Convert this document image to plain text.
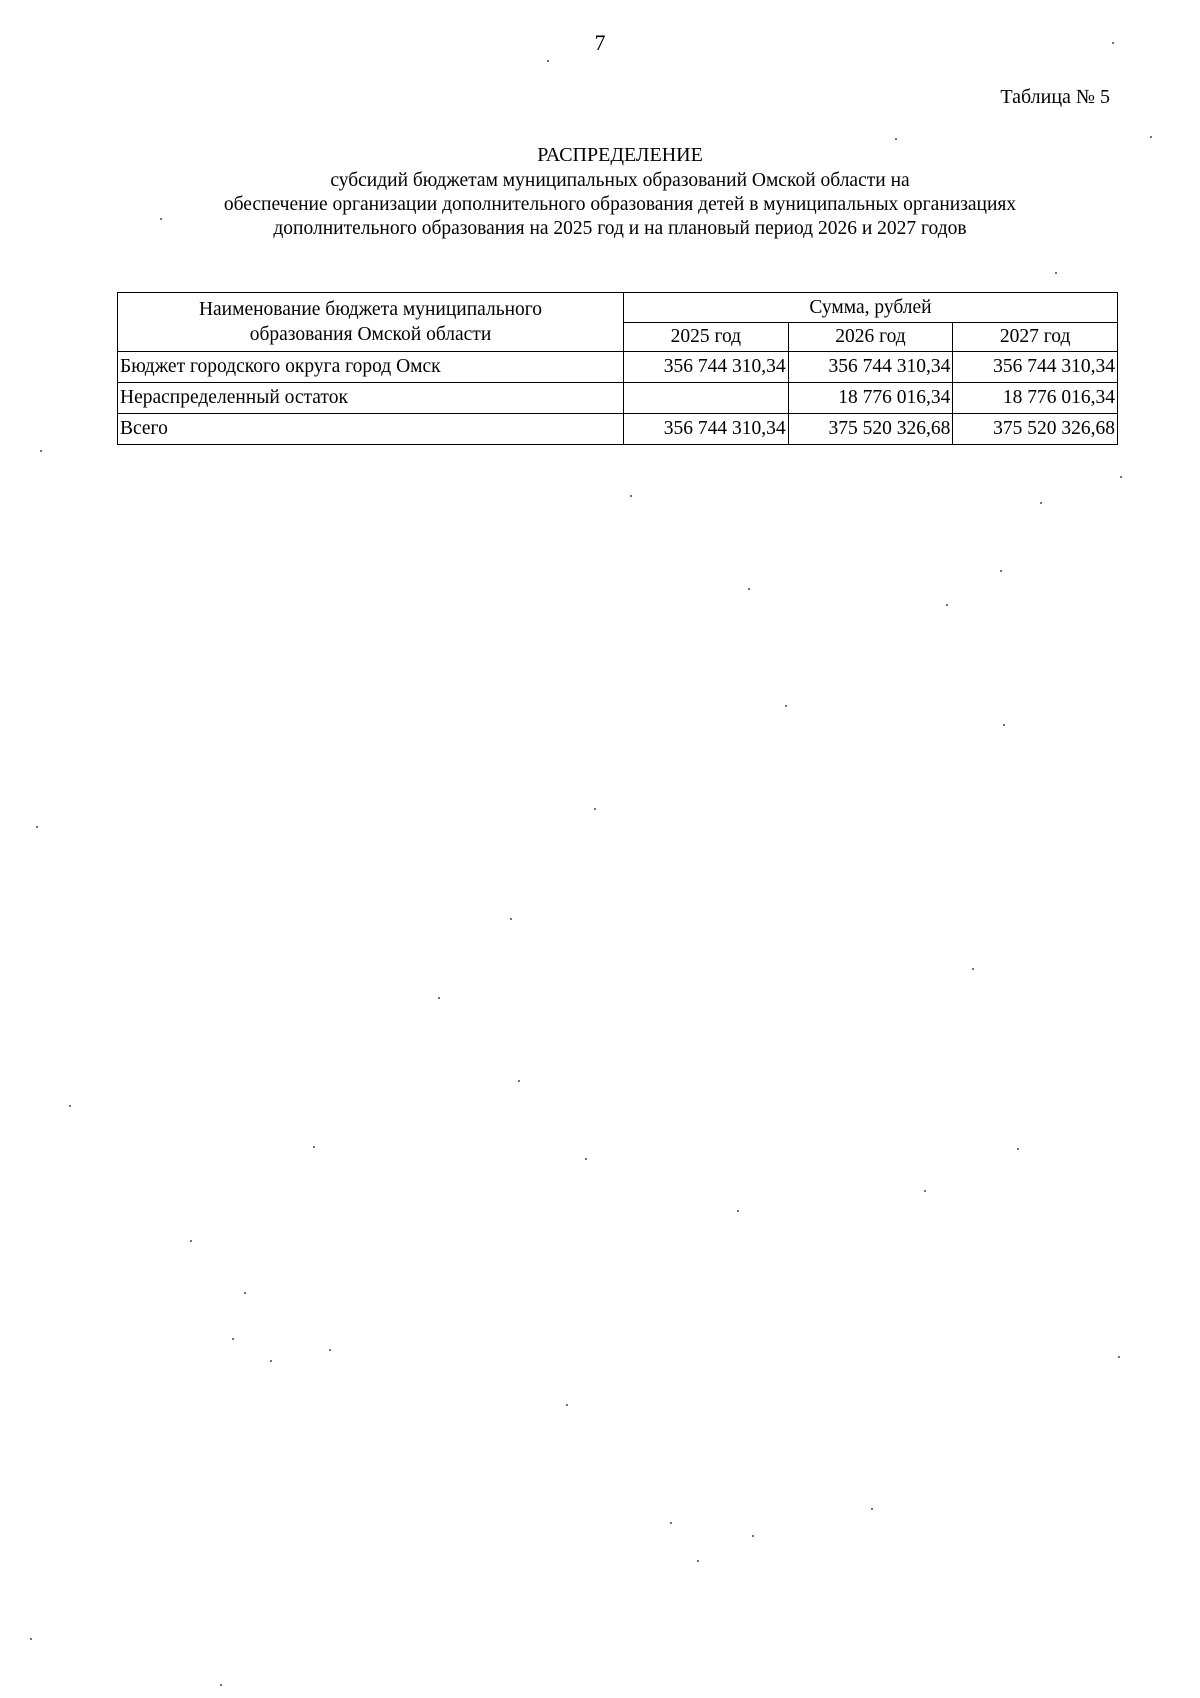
7
Таблица № 5
РАСПРЕДЕЛЕНИЕ
субсидий бюджетам муниципальных образований Омской области на
обеспечение организации дополнительного образования детей в муниципальных организациях
дополнительного образования на 2025 год и на плановый период 2026 и 2027 годов
Наименование бюджета муниципального
образования Омской области	Сумма, рублей		
	2025 год	2026 год	2027 год
Бюджет городского округа город Омск	356 744 310,34	356 744 310,34	356 744 310,34
Нераспределенный остаток		18 776 016,34	18 776 016,34
Всего	356 744 310,34	375 520 326,68	375 520 326,68
